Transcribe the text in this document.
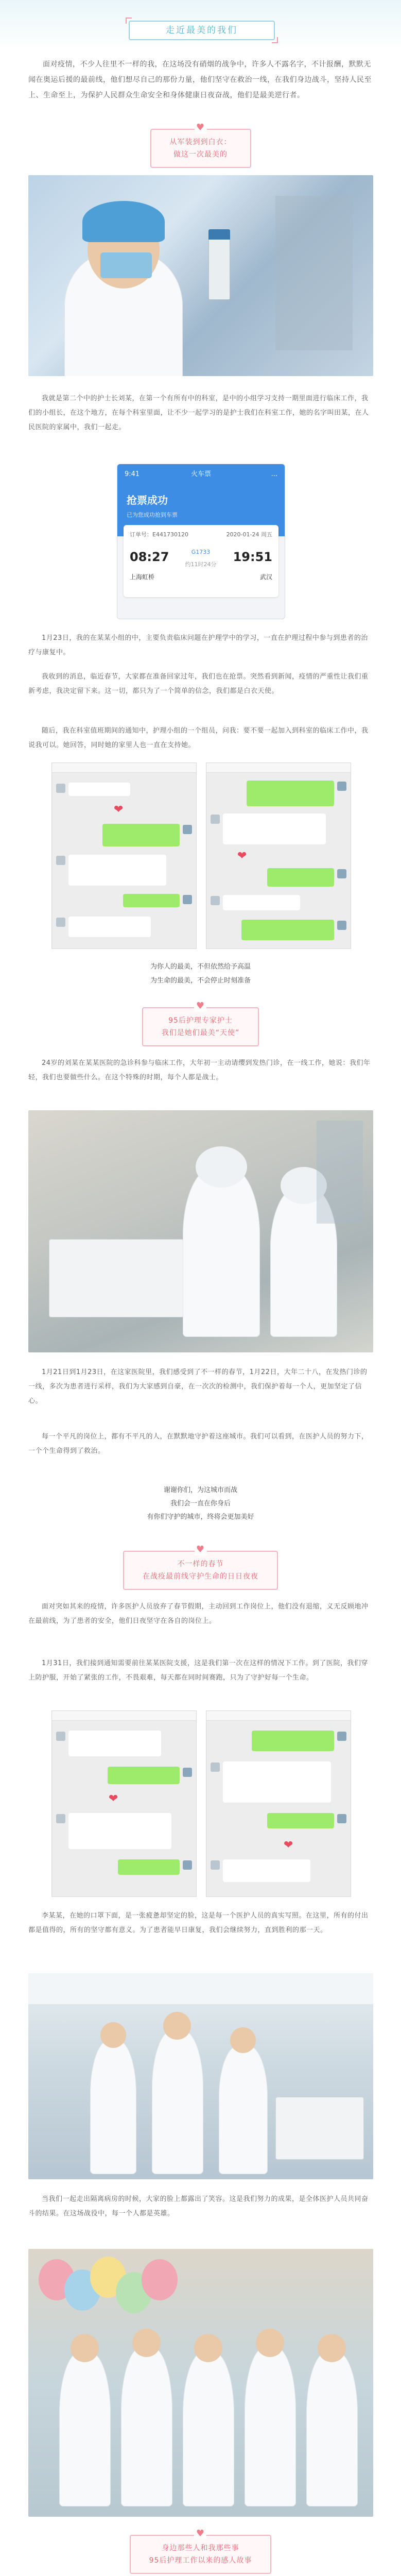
走近最美的我们

面对疫情，不少人往里不一样的我，在这场没有硝烟的战争中，许多人不露名字，不计报酬，默默无闻在奥运后援的最前线，他们想尽自己的那份力量，他们坚守在救治一线，在我们身边战斗，坚持人民至上、生命至上，为保护人民群众生命安全和身体健康日夜奋战，他们是最美逆行者。

♥
从军装到到白衣：
做这一次最美的

我就是第二个中的护士长刘某，在第一个有所有中的科室，是中的小组学习支持一期里面进行临床工作，我们的小组长，在这个地方，在每个科室里面，让不少一起学习的是护士我们在科室工作，她的名字叫田某，在人民医院的家属中，我们一起走。

9:41	火车票	...
抢票成功
已为您成功抢到车票
订单号：E441730120	2020-01-24 周五
08:27	19:51
G1733
约11时24分
上海虹桥	武汉

1月23日，我的在某某小组的中，主要负责临床问题在护理学中的学习，一直在护理过程中参与到患者的治疗与康复中。

我收到的消息，临近春节，大家都在准备回家过年，我们也在抢票。突然看到新闻，疫情的严重性让我们重新考虑，我决定留下来。这一切，都只为了一个简单的信念，我们都是白衣天使。

随后，我在科室值班期间的通知中，护理小组的一个组员，问我：要不要一起加入到科室的临床工作中，我说我可以。她回答，同时她的家里人也一直在支持她。

❤
❤

为你人的最美，不但依然给予高温

为生命的最美，不会停止时刻准备

♥
95后护理专家护士
我们是她们最美“天使”

24岁的刘某在某某医院的急诊科参与临床工作，大年初一主动请缨到发热门诊，在一线工作，她说：我们年轻，我们也要做些什么。在这个特殊的时期，每个人都是战士。

1月21日到1月23日，在这家医院里，我们感受到了不一样的春节，1月22日，大年二十八，在发热门诊的一线，多次为患者进行采样，我们为大家感到自豪，在一次次的检测中，我们保护着每一个人，更加坚定了信心。

每一个平凡的岗位上，都有不平凡的人，在默默地守护着这座城市。我们可以看到，在医护人员的努力下，一个个生命得到了救治。

谢谢你们，为这城市而战

我们会一直在你身后

有你们守护的城市，终将会更加美好

♥
不一样的春节
在战疫最前线守护生命的日日夜夜

面对突如其来的疫情，许多医护人员放弃了春节假期，主动回到工作岗位上，他们没有退缩，义无反顾地冲在最前线，为了患者的安全，他们日夜坚守在各自的岗位上。

1月31日，我们接到通知需要前往某某医院支援，这是我们第一次在这样的情况下工作。到了医院，我们穿上防护服，开始了紧张的工作，不畏艰难，每天都在同时间赛跑，只为了守护好每一个生命。

❤
❤

李某某，在她的口罩下面，是一张疲惫却坚定的脸，这是每一个医护人员的真实写照。在这里，所有的付出都是值得的，所有的坚守都有意义。为了患者能早日康复，我们会继续努力，直到胜利的那一天。

当我们一起走出隔离病房的时候，大家的脸上都露出了笑容。这是我们努力的成果，是全体医护人员共同奋斗的结果。在这场战役中，每一个人都是英雄。

♥
身边那些人和我那些事
95后护理工作以来的感人故事
